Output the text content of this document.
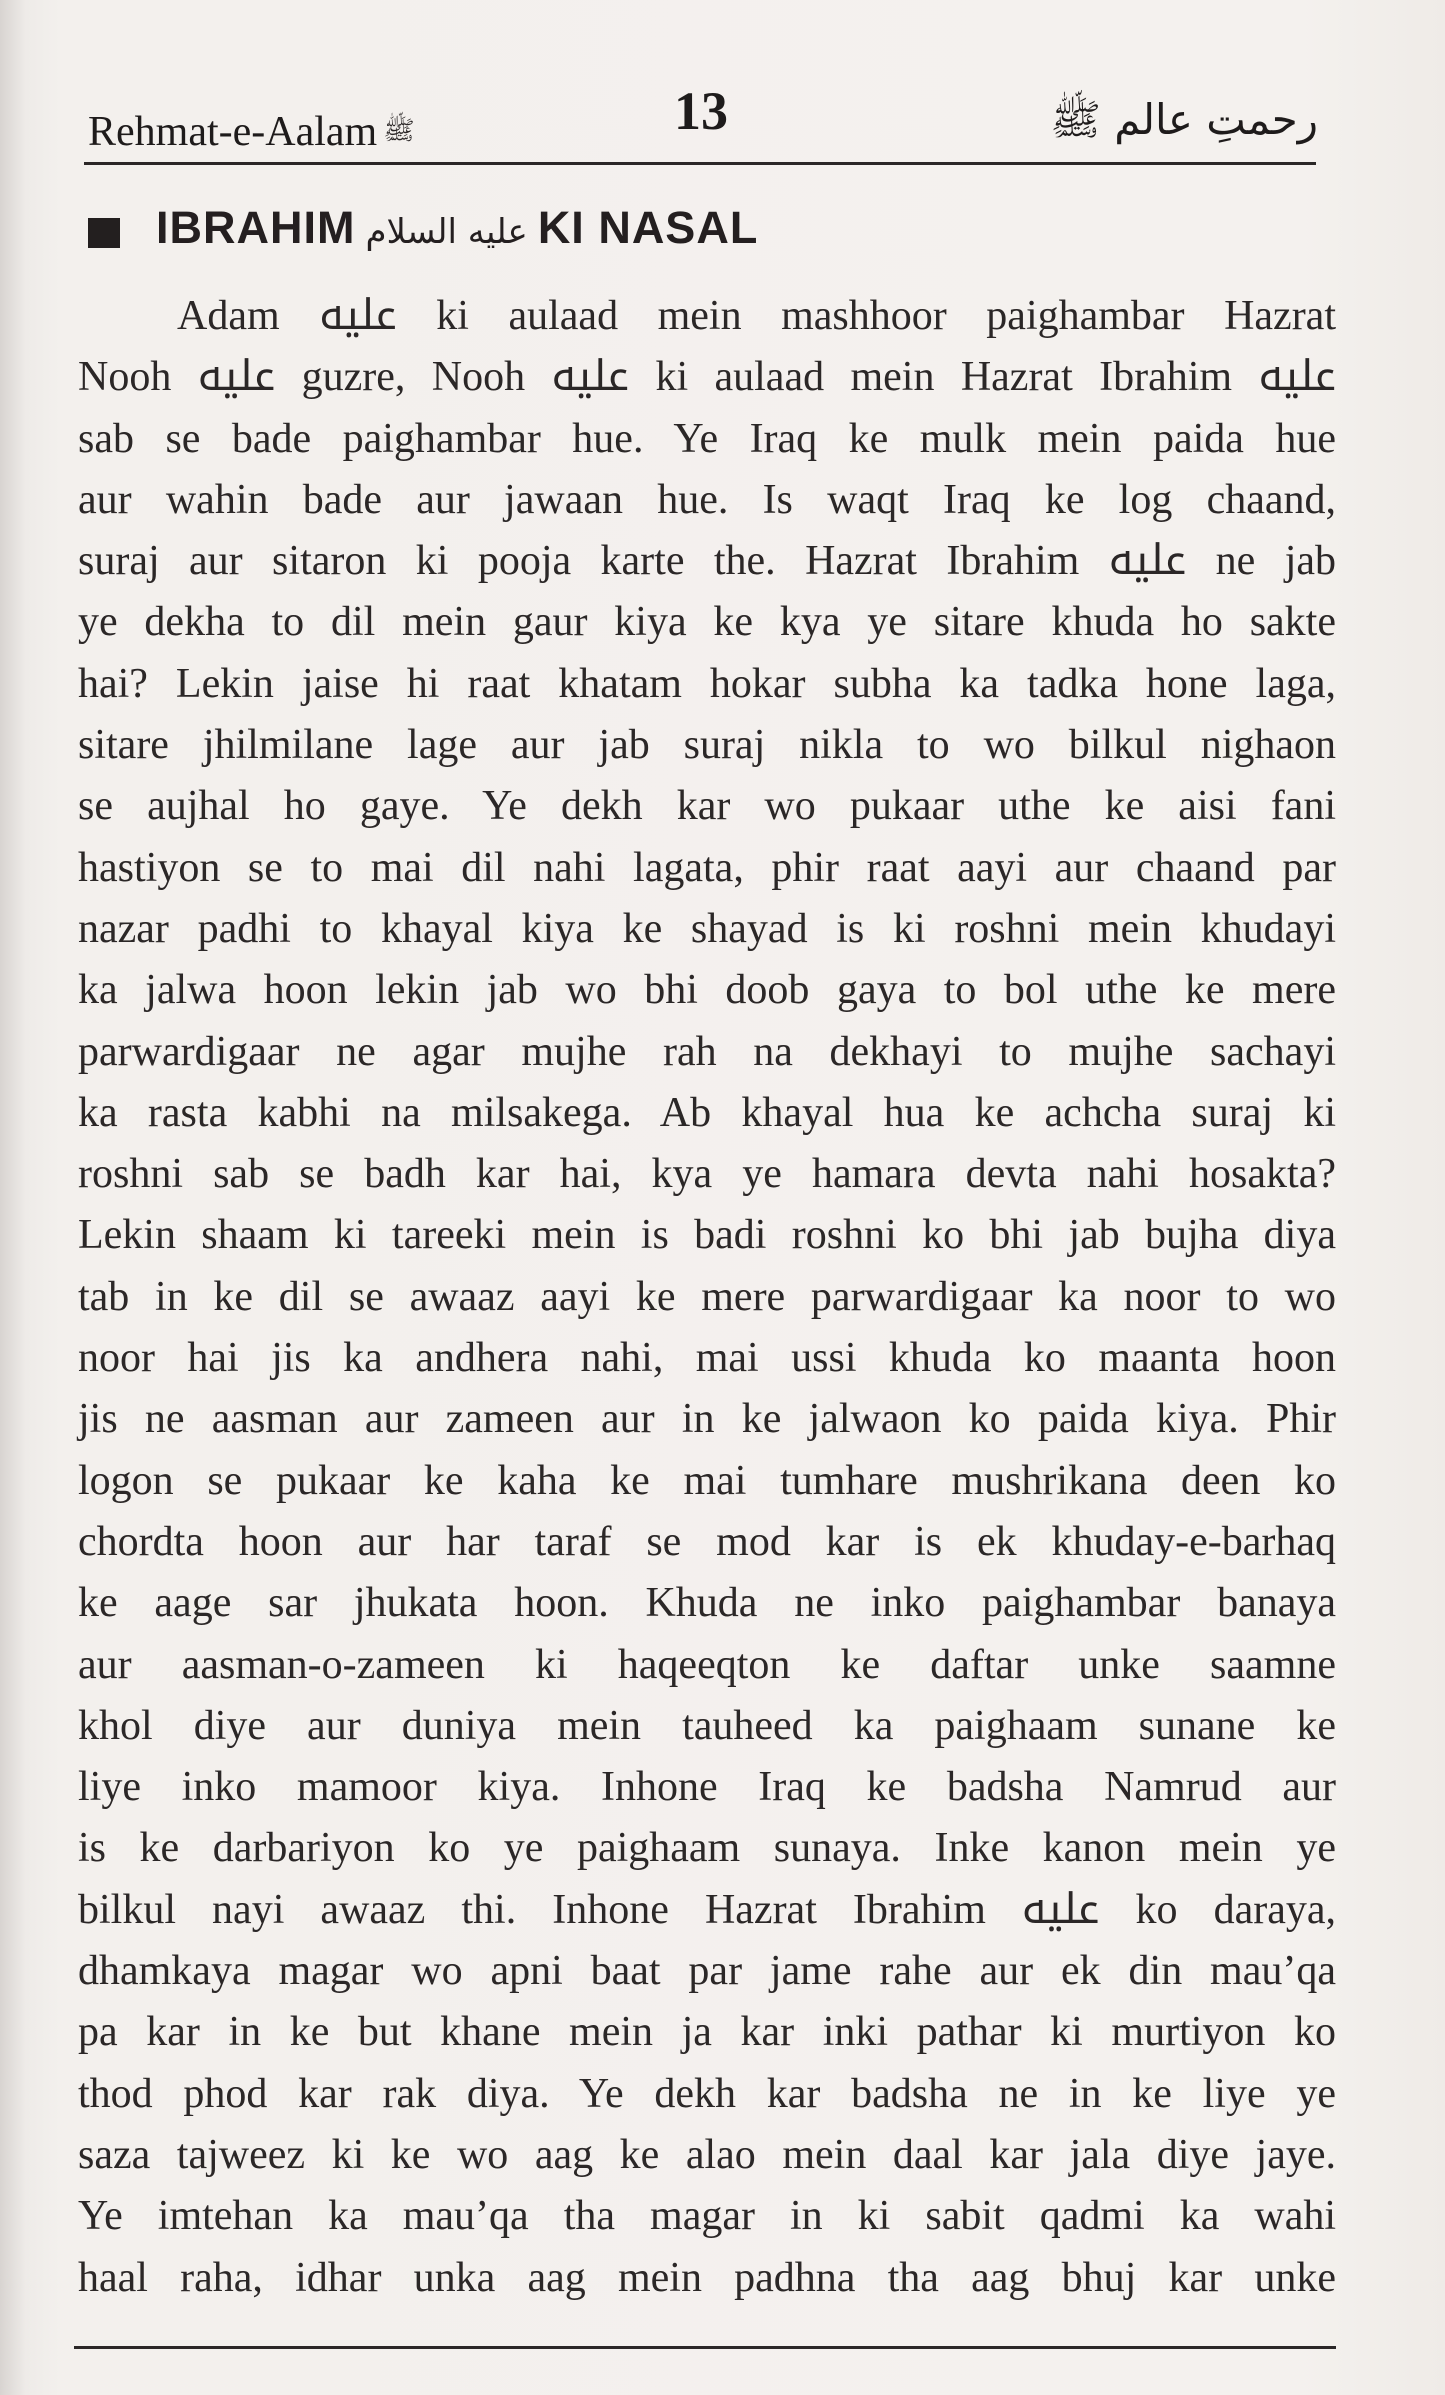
Rehmat-e-Aalam ﷺ	13	رحمتِ عالم ﷺ
IBRAHIM عليه السلام KI NASAL
Adam ﷷ ki aulaad mein mashhoor paighambar Hazrat
Nooh ﷷ guzre, Nooh ﷷ ki aulaad mein Hazrat Ibrahim ﷷ
sab se bade paighambar hue. Ye Iraq ke mulk mein paida hue
aur wahin bade aur jawaan hue. Is waqt Iraq ke log chaand,
suraj aur sitaron ki pooja karte the. Hazrat Ibrahim ﷷ ne jab
ye dekha to dil mein gaur kiya ke kya ye sitare khuda ho sakte
hai? Lekin jaise hi raat khatam hokar subha ka tadka hone laga,
sitare jhilmilane lage aur jab suraj nikla to wo bilkul nighaon
se aujhal ho gaye. Ye dekh kar wo pukaar uthe ke aisi fani
hastiyon se to mai dil nahi lagata, phir raat aayi aur chaand par
nazar padhi to khayal kiya ke shayad is ki roshni mein khudayi
ka jalwa hoon lekin jab wo bhi doob gaya to bol uthe ke mere
parwardigaar ne agar mujhe rah na dekhayi to mujhe sachayi
ka rasta kabhi na milsakega. Ab khayal hua ke achcha suraj ki
roshni sab se badh kar hai, kya ye hamara devta nahi hosakta?
Lekin shaam ki tareeki mein is badi roshni ko bhi jab bujha diya
tab in ke dil se awaaz aayi ke mere parwardigaar ka noor to wo
noor hai jis ka andhera nahi, mai ussi khuda ko maanta hoon
jis ne aasman aur zameen aur in ke jalwaon ko paida kiya. Phir
logon se pukaar ke kaha ke mai tumhare mushrikana deen ko
chordta hoon aur har taraf se mod kar is ek khuday-e-barhaq
ke aage sar jhukata hoon. Khuda ne inko paighambar banaya
aur aasman-o-zameen ki haqeeqton ke daftar unke saamne
khol diye aur duniya mein tauheed ka paighaam sunane ke
liye inko mamoor kiya. Inhone Iraq ke badsha Namrud aur
is ke darbariyon ko ye paighaam sunaya. Inke kanon mein ye
bilkul nayi awaaz thi. Inhone Hazrat Ibrahim ﷷ ko daraya,
dhamkaya magar wo apni baat par jame rahe aur ek din mau’qa
pa kar in ke but khane mein ja kar inki pathar ki murtiyon ko
thod phod kar rak diya. Ye dekh kar badsha ne in ke liye ye
saza tajweez ki ke wo aag ke alao mein daal kar jala diye jaye.
Ye imtehan ka mau’qa tha magar in ki sabit qadmi ka wahi
haal raha, idhar unka aag mein padhna tha aag bhuj kar unke
